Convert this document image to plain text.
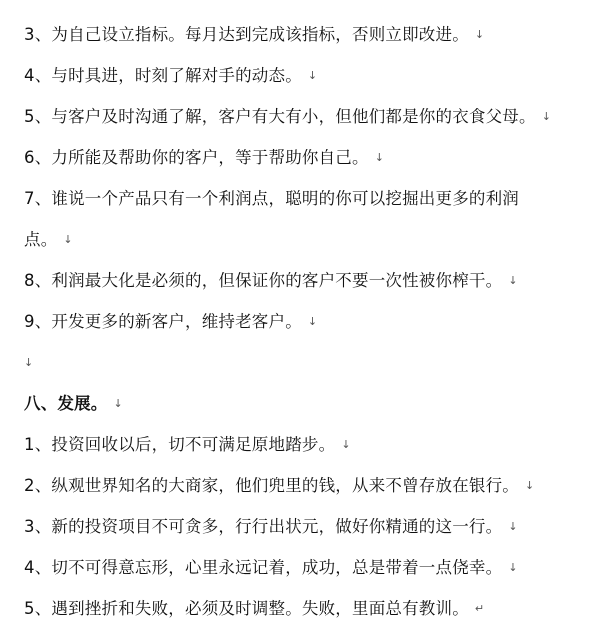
3、为自己设立指标。每月达到完成该指标，否则立即改进。 ↓
4、与时具进，时刻了解对手的动态。 ↓
5、与客户及时沟通了解，客户有大有小，但他们都是你的衣食父母。 ↓
6、力所能及帮助你的客户，等于帮助你自己。 ↓
7、谁说一个产品只有一个利润点，聪明的你可以挖掘出更多的利润
点。 ↓
8、利润最大化是必须的，但保证你的客户不要一次性被你榨干。 ↓
9、开发更多的新客户，维持老客户。 ↓
↓
八、发展。 ↓
1、投资回收以后，切不可满足原地踏步。 ↓
2、纵观世界知名的大商家，他们兜里的钱，从来不曾存放在银行。 ↓
3、新的投资项目不可贪多，行行出状元，做好你精通的这一行。 ↓
4、切不可得意忘形，心里永远记着，成功，总是带着一点侥幸。 ↓
5、遇到挫折和失败，必须及时调整。失败，里面总有教训。 ↵
